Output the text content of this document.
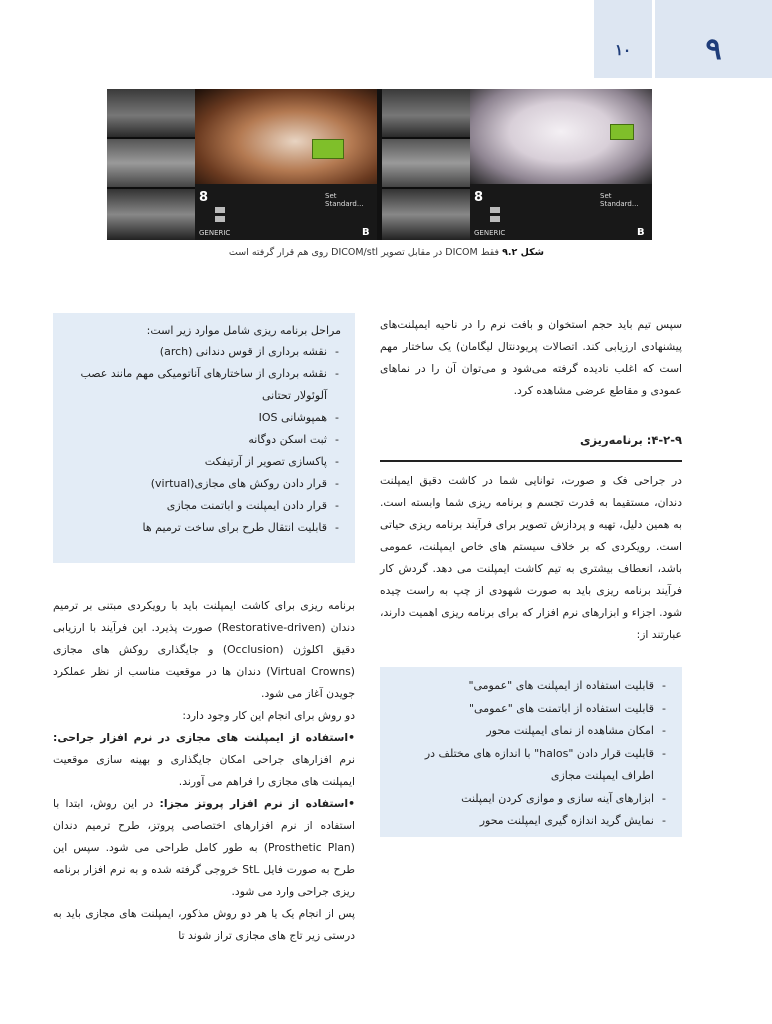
۹
۱۰
8	Set Standard...
GENERIC	B
8	Set Standard...
GENERIC	B
شکل ۹.۲ فقط DICOM در مقابل تصویر DICOM/stl روی هم قرار گرفته است

سپس تیم باید حجم استخوان و بافت نرم را در ناحیه ایمپلنت‌های پیشنهادی ارزیابی کند. اتصالات پریودنتال لیگامان) یک ساختار مهم است که اغلب نادیده گرفته می‌شود و می‌توان آن را در نماهای عمودی و مقاطع عرضی مشاهده کرد.

۴-۲-۹: برنامه‌ریزی

در جراحی فک و صورت، توانایی شما در کاشت دقیق ایمپلنت دندان، مستقیما به قدرت تجسم و برنامه ریزی شما وابسته است. به همین دلیل، تهیه و پردازش تصویر برای فرآیند برنامه ریزی حیاتی است. رویکردی که بر خلاف سیستم های خاص ایمپلنت، عمومی باشد، انعطاف بیشتری به تیم کاشت ایمپلنت می دهد. گردش کار فرآیند برنامه ریزی باید به صورت شهودی از چپ به راست چیده شود. اجزاء و ابزارهای نرم افزار که برای برنامه ریزی اهمیت دارند، عبارتند از:

مراحل برنامه ریزی شامل موارد زیر است:
- نقشه برداری از قوس دندانی (arch)
- نقشه برداری از ساختارهای آناتومیکی مهم مانند عصب آلوئولار تحتانی
- همپوشانی IOS
- ثبت اسکن دوگانه
- پاکسازی تصویر از آرتیفکت
- قرار دادن روکش های مجازی(virtual)
- قرار دادن ایمپلنت و اباتمنت مجازی
- قابلیت انتقال طرح برای ساخت ترمیم ها
- قابلیت استفاده از ایمپلنت های "عمومی"
- قابلیت استفاده از اباتمنت های "عمومی"
- امکان مشاهده از نمای ایمپلنت محور
- قابلیت قرار دادن "halos" با اندازه های مختلف در اطراف ایمپلنت مجازی
- ابزارهای آینه سازی و موازی کردن ایمپلنت
- نمایش گرید اندازه گیری ایمپلنت محور
برنامه ریزی برای کاشت ایمپلنت باید با رویکردی مبتنی بر ترمیم دندان (Restorative-driven) صورت پذیرد. این فرآیند با ارزیابی دقیق اکلوژن (Occlusion) و جایگذاری روکش های مجازی (Virtual Crowns) دندان ها در موقعیت مناسب از نظر عملکرد جویدن آغاز می شود.
دو روش برای انجام این کار وجود دارد:
•استفاده از ایمپلنت های مجازی در نرم افزار جراحی: نرم افزارهای جراحی امکان جایگذاری و بهینه سازی موقعیت ایمپلنت های مجازی را فراهم می آورند.
•استفاده از نرم افزار پروتز مجزا: در این روش، ابتدا با استفاده از نرم افزارهای اختصاصی پروتز، طرح ترمیم دندان (Prosthetic Plan) به طور کامل طراحی می شود. سپس این طرح به صورت فایل StL خروجی گرفته شده و به نرم افزار برنامه ریزی جراحی وارد می شود.
پس از انجام یک یا هر دو روش مذکور، ایمپلنت های مجازی باید به درستی زیر تاج های مجازی تراز شوند تا
